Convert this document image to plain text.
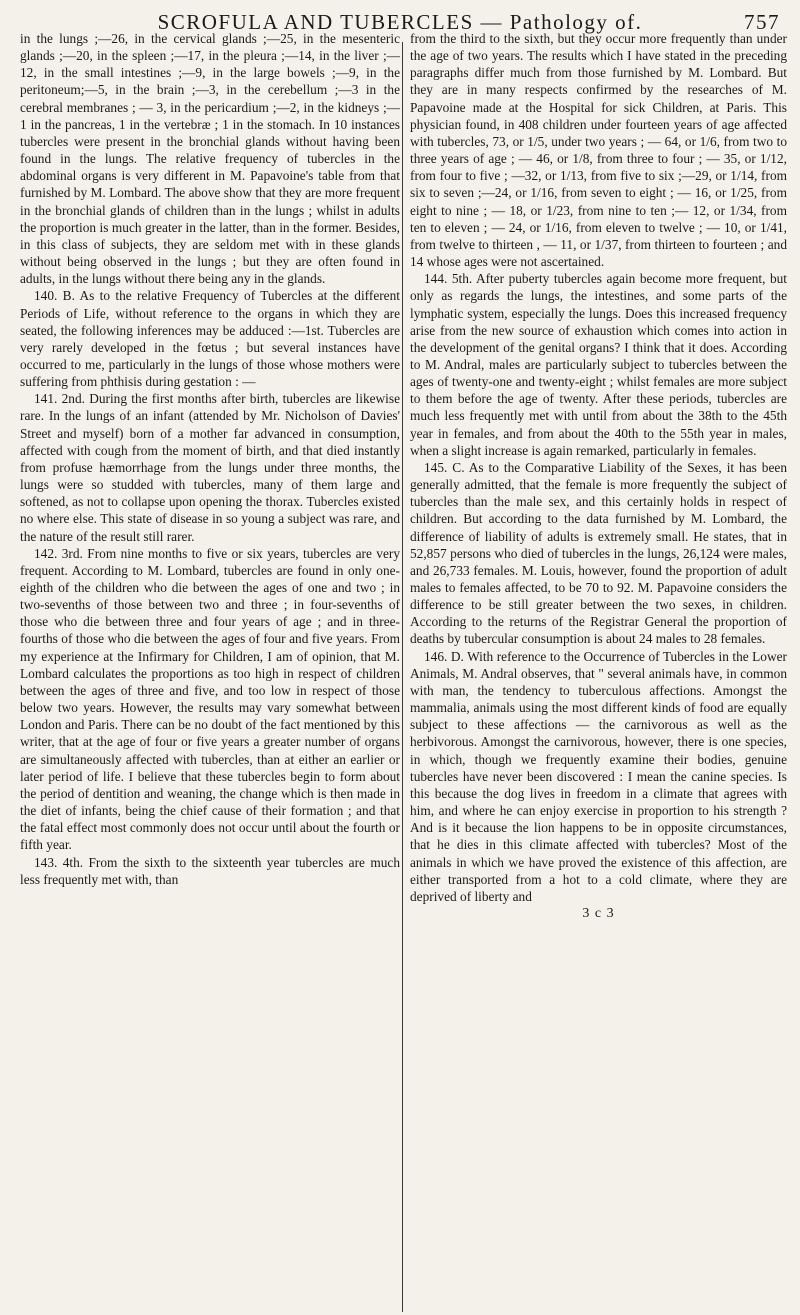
SCROFULA AND TUBERCLES — Pathology of.	757

in the lungs ;—26, in the cervical glands ;—25, in the mesenteric glands ;—20, in the spleen ;—17, in the pleura ;—14, in the liver ;—12, in the small intestines ;—9, in the large bowels ;—9, in the peritoneum;—5, in the brain ;—3, in the cerebellum ;—3 in the cerebral membranes ; — 3, in the pericardium ;—2, in the kidneys ;—1 in the pancreas, 1 in the vertebræ ; 1 in the stomach. In 10 instances tubercles were present in the bronchial glands without having been found in the lungs. The relative frequency of tubercles in the abdominal organs is very different in M. Papavoine's table from that furnished by M. Lombard. The above show that they are more frequent in the bronchial glands of children than in the lungs ; whilst in adults the proportion is much greater in the latter, than in the former. Besides, in this class of subjects, they are seldom met with in these glands without being observed in the lungs ; but they are often found in adults, in the lungs without there being any in the glands.

140. B. As to the relative Frequency of Tubercles at the different Periods of Life, without reference to the organs in which they are seated, the following inferences may be adduced :—1st. Tubercles are very rarely developed in the fœtus ; but several instances have occurred to me, particularly in the lungs of those whose mothers were suffering from phthisis during gestation : —

141. 2nd. During the first months after birth, tubercles are likewise rare. In the lungs of an infant (attended by Mr. Nicholson of Davies' Street and myself) born of a mother far advanced in consumption, affected with cough from the moment of birth, and that died instantly from profuse hæmorrhage from the lungs under three months, the lungs were so studded with tubercles, many of them large and softened, as not to collapse upon opening the thorax. Tubercles existed no where else. This state of disease in so young a subject was rare, and the nature of the result still rarer.

142. 3rd. From nine months to five or six years, tubercles are very frequent. According to M. Lombard, tubercles are found in only one-eighth of the children who die between the ages of one and two ; in two-sevenths of those between two and three ; in four-sevenths of those who die between three and four years of age ; and in three-fourths of those who die between the ages of four and five years. From my experience at the Infirmary for Children, I am of opinion, that M. Lombard calculates the proportions as too high in respect of children between the ages of three and five, and too low in respect of those below two years. However, the results may vary somewhat between London and Paris. There can be no doubt of the fact mentioned by this writer, that at the age of four or five years a greater number of organs are simultaneously affected with tubercles, than at either an earlier or later period of life. I believe that these tubercles begin to form about the period of dentition and weaning, the change which is then made in the diet of infants, being the chief cause of their formation ; and that the fatal effect most commonly does not occur until about the fourth or fifth year.

143. 4th. From the sixth to the sixteenth year tubercles are much less frequently met with, than

from the third to the sixth, but they occur more frequently than under the age of two years. The results which I have stated in the preceding paragraphs differ much from those furnished by M. Lombard. But they are in many respects confirmed by the researches of M. Papavoine made at the Hospital for sick Children, at Paris. This physician found, in 408 children under fourteen years of age affected with tubercles, 73, or 1/5, under two years ; — 64, or 1/6, from two to three years of age ; — 46, or 1/8, from three to four ; — 35, or 1/12, from four to five ; —32, or 1/13, from five to six ;—29, or 1/14, from six to seven ;—24, or 1/16, from seven to eight ; — 16, or 1/25, from eight to nine ; — 18, or 1/23, from nine to ten ;— 12, or 1/34, from ten to eleven ; — 24, or 1/16, from eleven to twelve ; — 10, or 1/41, from twelve to thirteen , — 11, or 1/37, from thirteen to fourteen ; and 14 whose ages were not ascertained.

144. 5th. After puberty tubercles again become more frequent, but only as regards the lungs, the intestines, and some parts of the lymphatic system, especially the lungs. Does this increased frequency arise from the new source of exhaustion which comes into action in the development of the genital organs? I think that it does. According to M. Andral, males are particularly subject to tubercles between the ages of twenty-one and twenty-eight ; whilst females are more subject to them before the age of twenty. After these periods, tubercles are much less frequently met with until from about the 38th to the 45th year in females, and from about the 40th to the 55th year in males, when a slight increase is again remarked, particularly in females.

145. C. As to the Comparative Liability of the Sexes, it has been generally admitted, that the female is more frequently the subject of tubercles than the male sex, and this certainly holds in respect of children. But according to the data furnished by M. Lombard, the difference of liability of adults is extremely small. He states, that in 52,857 persons who died of tubercles in the lungs, 26,124 were males, and 26,733 females. M. Louis, however, found the proportion of adult males to females affected, to be 70 to 92. M. Papavoine considers the difference to be still greater between the two sexes, in children. According to the returns of the Registrar General the proportion of deaths by tubercular consumption is about 24 males to 28 females.

146. D. With reference to the Occurrence of Tubercles in the Lower Animals, M. Andral observes, that " several animals have, in common with man, the tendency to tuberculous affections. Amongst the mammalia, animals using the most different kinds of food are equally subject to these affections — the carnivorous as well as the herbivorous. Amongst the carnivorous, however, there is one species, in which, though we frequently examine their bodies, genuine tubercles have never been discovered : I mean the canine species. Is this because the dog lives in freedom in a climate that agrees with him, and where he can enjoy exercise in proportion to his strength ? And is it because the lion happens to be in opposite circumstances, that he dies in this climate affected with tubercles? Most of the animals in which we have proved the existence of this affection, are either transported from a hot to a cold climate, where they are deprived of liberty and

3 c 3
